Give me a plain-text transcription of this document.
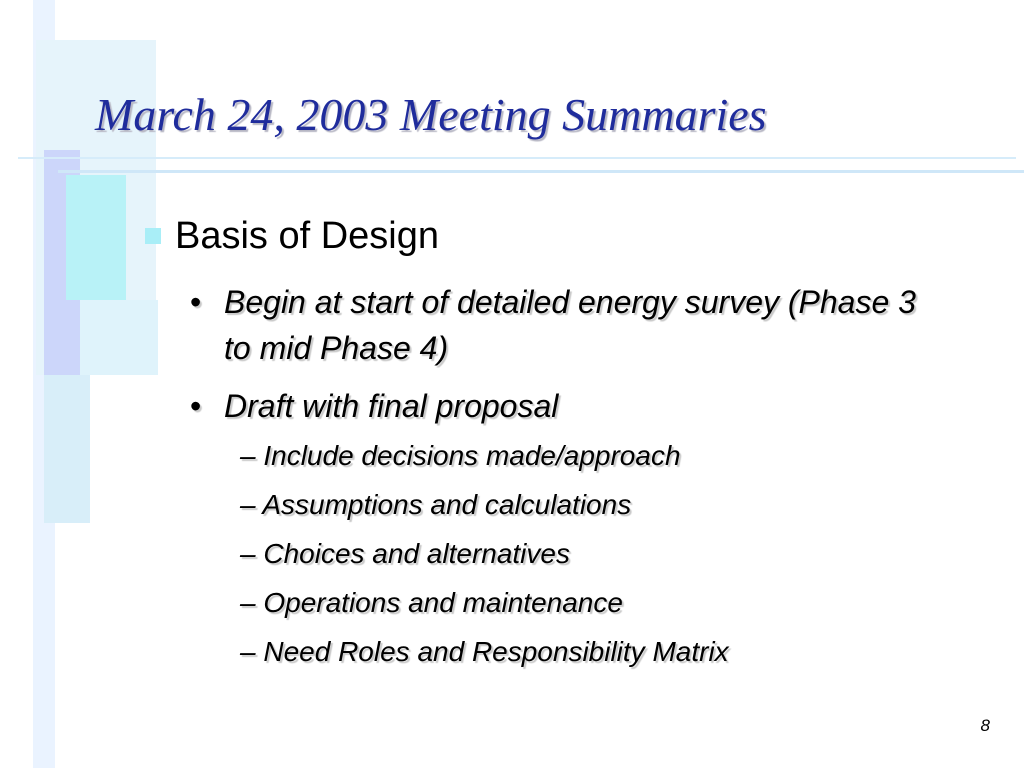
March 24, 2003 Meeting Summaries
Basis of Design
• Begin at start of detailed energy survey (Phase 3 to mid Phase 4)
• Draft with final proposal
– Include decisions made/approach
– Assumptions and calculations
– Choices and alternatives
– Operations and maintenance
– Need Roles and Responsibility Matrix
8
